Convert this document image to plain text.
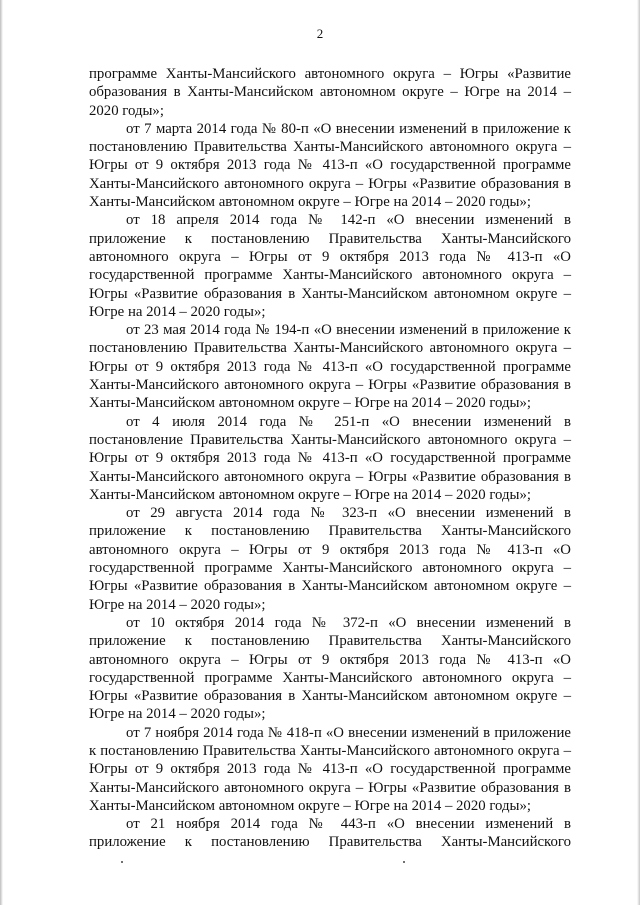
2

программе Ханты-Мансийского автономного округа – Югры «Развитие образования в Ханты-Мансийском автономном округе – Югре на 2014 – 2020 годы»;

от 7 марта 2014 года № 80-п «О внесении изменений в приложение к постановлению Правительства Ханты-Мансийского автономного округа – Югры от 9 октября 2013 года № 413-п «О государственной программе Ханты-Мансийского автономного округа – Югры «Развитие образования в Ханты-Мансийском автономном округе – Югре на 2014 – 2020 годы»;

от 18 апреля 2014 года № 142-п «О внесении изменений в приложение к постановлению Правительства Ханты-Мансийского автономного округа – Югры от 9 октября 2013 года № 413-п «О государственной программе Ханты-Мансийского автономного округа – Югры «Развитие образования в Ханты-Мансийском автономном округе – Югре на 2014 – 2020 годы»;

от 23 мая 2014 года № 194-п «О внесении изменений в приложение к постановлению Правительства Ханты-Мансийского автономного округа – Югры от 9 октября 2013 года № 413-п «О государственной программе Ханты-Мансийского автономного округа – Югры «Развитие образования в Ханты-Мансийском автономном округе – Югре на 2014 – 2020 годы»;

от 4 июля 2014 года № 251-п «О внесении изменений в постановление Правительства Ханты-Мансийского автономного округа – Югры от 9 октября 2013 года № 413-п «О государственной программе Ханты-Мансийского автономного округа – Югры «Развитие образования в Ханты-Мансийском автономном округе – Югре на 2014 – 2020 годы»;

от 29 августа 2014 года № 323-п «О внесении изменений в приложение к постановлению Правительства Ханты-Мансийского автономного округа – Югры от 9 октября 2013 года № 413-п «О государственной программе Ханты-Мансийского автономного округа – Югры «Развитие образования в Ханты-Мансийском автономном округе – Югре на 2014 – 2020 годы»;

от 10 октября 2014 года № 372-п «О внесении изменений в приложение к постановлению Правительства Ханты-Мансийского автономного округа – Югры от 9 октября 2013 года № 413-п «О государственной программе Ханты-Мансийского автономного округа – Югры «Развитие образования в Ханты-Мансийском автономном округе – Югре на 2014 – 2020 годы»;

от 7 ноября 2014 года № 418-п «О внесении изменений в приложение к постановлению Правительства Ханты-Мансийского автономного округа – Югры от 9 октября 2013 года № 413-п «О государственной программе Ханты-Мансийского автономного округа – Югры «Развитие образования в Ханты-Мансийском автономном округе – Югре на 2014 – 2020 годы»;

от 21 ноября 2014 года № 443-п «О внесении изменений в приложение к постановлению Правительства Ханты-Мансийского
